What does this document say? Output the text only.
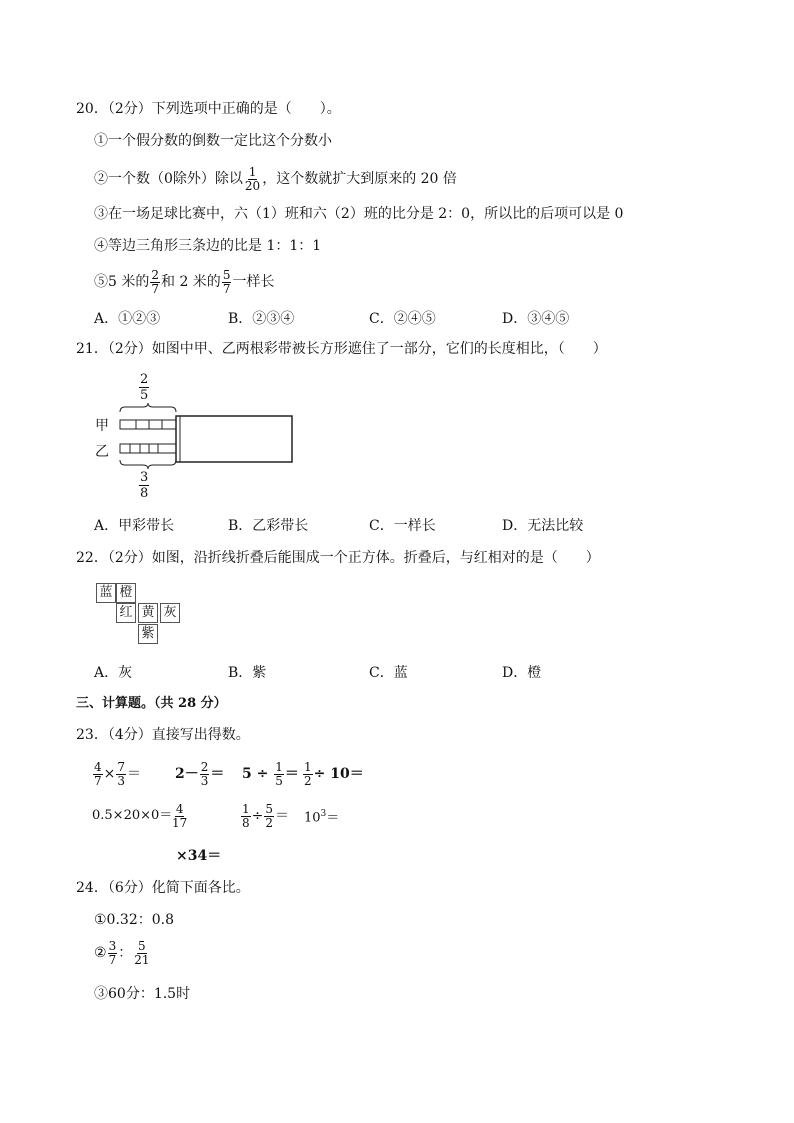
20．（2分）下列选项中正确的是（　　）。
①一个假分数的倒数一定比这个分数小
②一个数（0除外）除以 $\frac{1}{20}$ ，这个数就扩大到原来的 20 倍
③在一场足球比赛中，六（1）班和六（2）班的比分是 2：0，所以比的后项可以是 0
④等边三角形三条边的比是 1：1：1
⑤5 米的 $\frac{2}{7}$ 和 2 米的 $\frac{5}{7}$ 一样长
A．①②③	B．②③④	C．②④⑤	D．③④⑤
21．（2分）如图中甲、乙两根彩带被长方形遮住了一部分，它们的长度相比，（　　）
$\frac{2}{5}$
$\frac{3}{8}$
甲
乙
A．甲彩带长	B．乙彩带长	C．一样长	D．无法比较
22．（2分）如图，沿折线折叠后能围成一个正方体。折叠后，与红相对的是（　　）
蓝 橙
红 黄 灰
紫
A．灰	B．紫	C．蓝	D．橙
三、计算题。（共 28 分）
23．（4分）直接写出得数。
$\frac{4}{7} \times \frac{7}{3} = 2- \frac{2}{3} = 5 \div \frac{1}{5} = \frac{1}{2} \div 10=$
0.5×20×0＝
$\frac{4}{17}$
×34＝
$\frac{1}{8} \div \frac{5}{2} = 10^3=$
24．（6分）化简下面各比。
①0.32：0.8
② $\frac{3}{7}$ ： $\frac{5}{21}$
③60分：1.5时
